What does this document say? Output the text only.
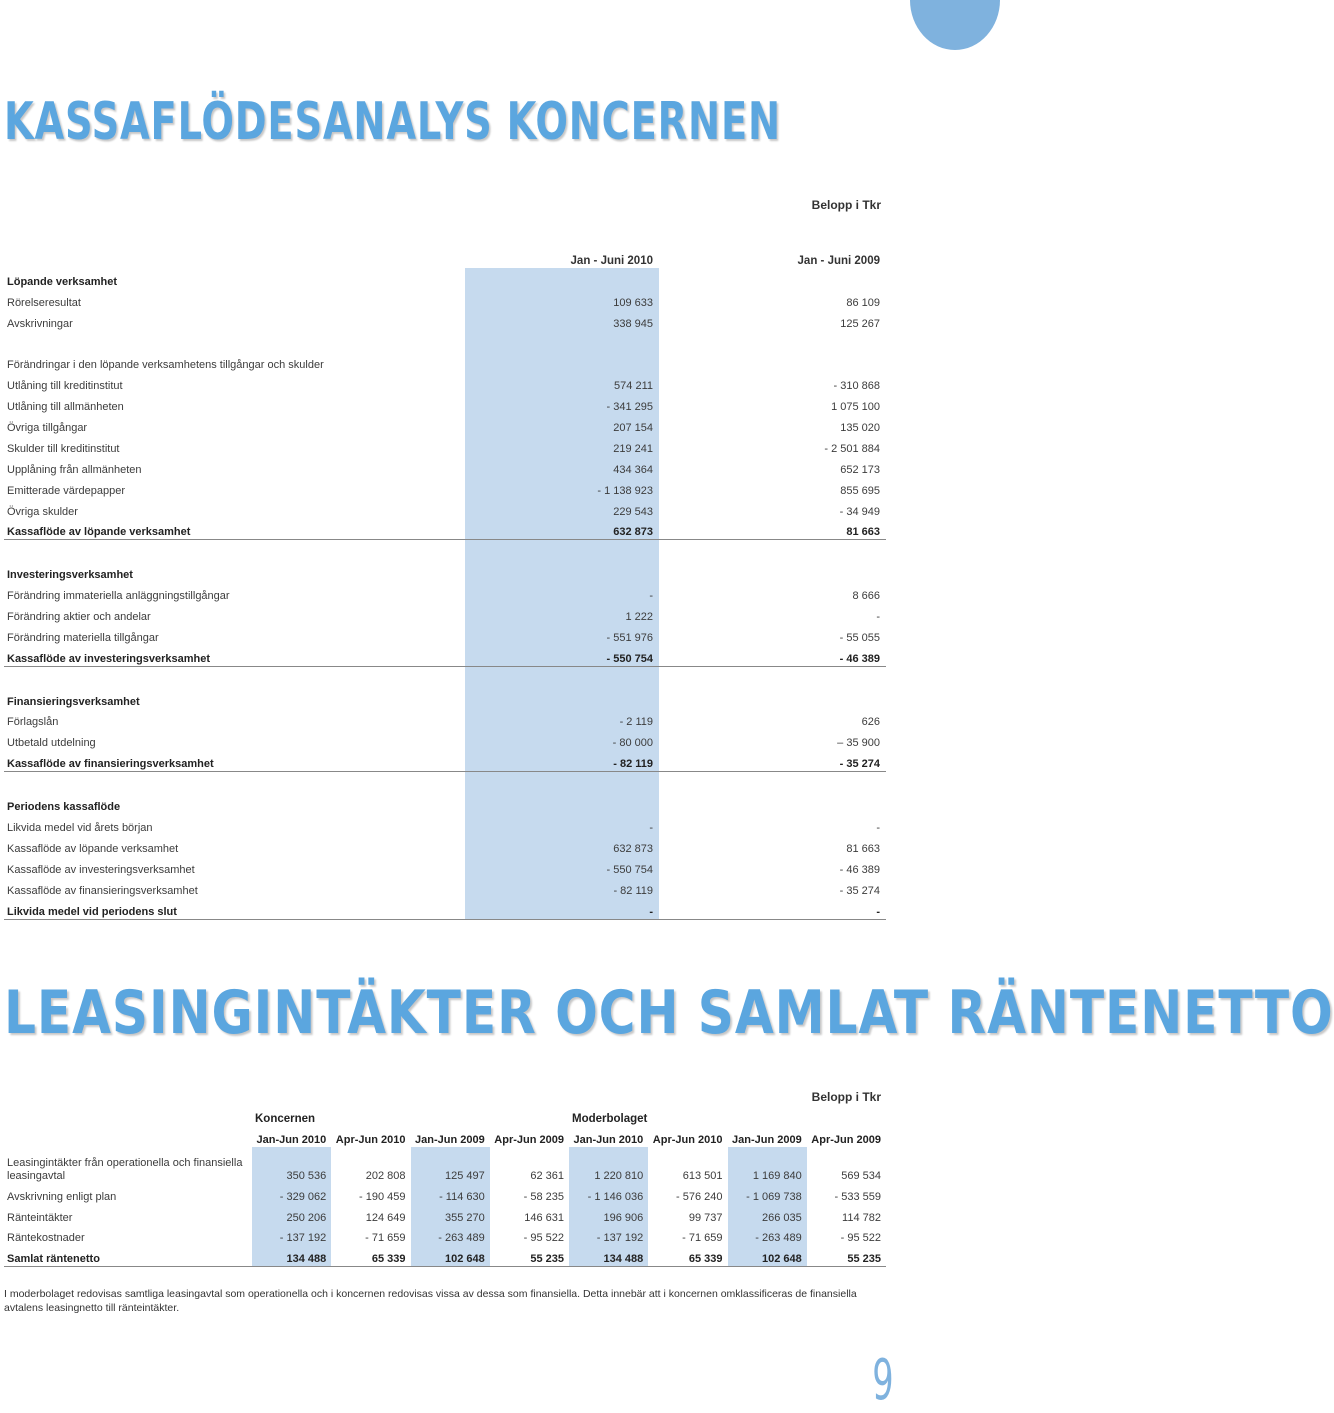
KASSAFLÖDESANALYS KONCERNEN
Belopp i Tkr
	Jan - Juni 2010	Jan - Juni 2009
Löpande verksamhet		
Rörelseresultat	109 633	86 109
Avskrivningar	338 945	125 267

Förändringar i den löpande verksamhetens tillgångar och skulder		
Utlåning till kreditinstitut	574 211	- 310 868
Utlåning till allmänheten	- 341 295	1 075 100
Övriga tillgångar	207 154	135 020
Skulder till kreditinstitut	219 241	- 2 501 884
Upplåning från allmänheten	434 364	652 173
Emitterade värdepapper	- 1 138 923	855 695
Övriga skulder	229 543	- 34 949
Kassaflöde av löpande verksamhet	632 873	81 663

Investeringsverksamhet		
Förändring immateriella anläggningstillgångar	-	8 666
Förändring aktier och andelar	1 222	-
Förändring materiella tillgångar	- 551 976	- 55 055
Kassaflöde av investeringsverksamhet	- 550 754	- 46 389

Finansieringsverksamhet		
Förlagslån	- 2 119	626
Utbetald utdelning	- 80 000	– 35 900
Kassaflöde av finansieringsverksamhet	- 82 119	- 35 274

Periodens kassaflöde		
Likvida medel vid årets början	-	-
Kassaflöde av löpande verksamhet	632 873	81 663
Kassaflöde av investeringsverksamhet	- 550 754	- 46 389
Kassaflöde av finansieringsverksamhet	- 82 119	- 35 274
Likvida medel vid periodens slut	-	-
LEASINGINTÄKTER OCH SAMLAT RÄNTENETTO
Belopp i Tkr
	Koncernen				Moderbolaget			
	Jan-Jun 2010	Apr-Jun 2010	Jan-Jun 2009	Apr-Jun 2009	Jan-Jun 2010	Apr-Jun 2010	Jan-Jun 2009	Apr-Jun 2009
Leasingintäkter från operationella och finansiella leasingavtal	350 536	202 808	125 497	62 361	1 220 810	613 501	1 169 840	569 534
Avskrivning enligt plan	- 329 062	- 190 459	- 114 630	- 58 235	- 1 146 036	- 576 240	- 1 069 738	- 533 559
Ränteintäkter	250 206	124 649	355 270	146 631	196 906	99 737	266 035	114 782
Räntekostnader	- 137 192	- 71 659	- 263 489	- 95 522	- 137 192	- 71 659	- 263 489	- 95 522
Samlat räntenetto	134 488	65 339	102 648	55 235	134 488	65 339	102 648	55 235

I moderbolaget redovisas samtliga leasingavtal som operationella och i koncernen redovisas vissa av dessa som finansiella. Detta innebär att i koncernen omklassificeras de finansiella avtalens leasingnetto till ränteintäkter.

9
